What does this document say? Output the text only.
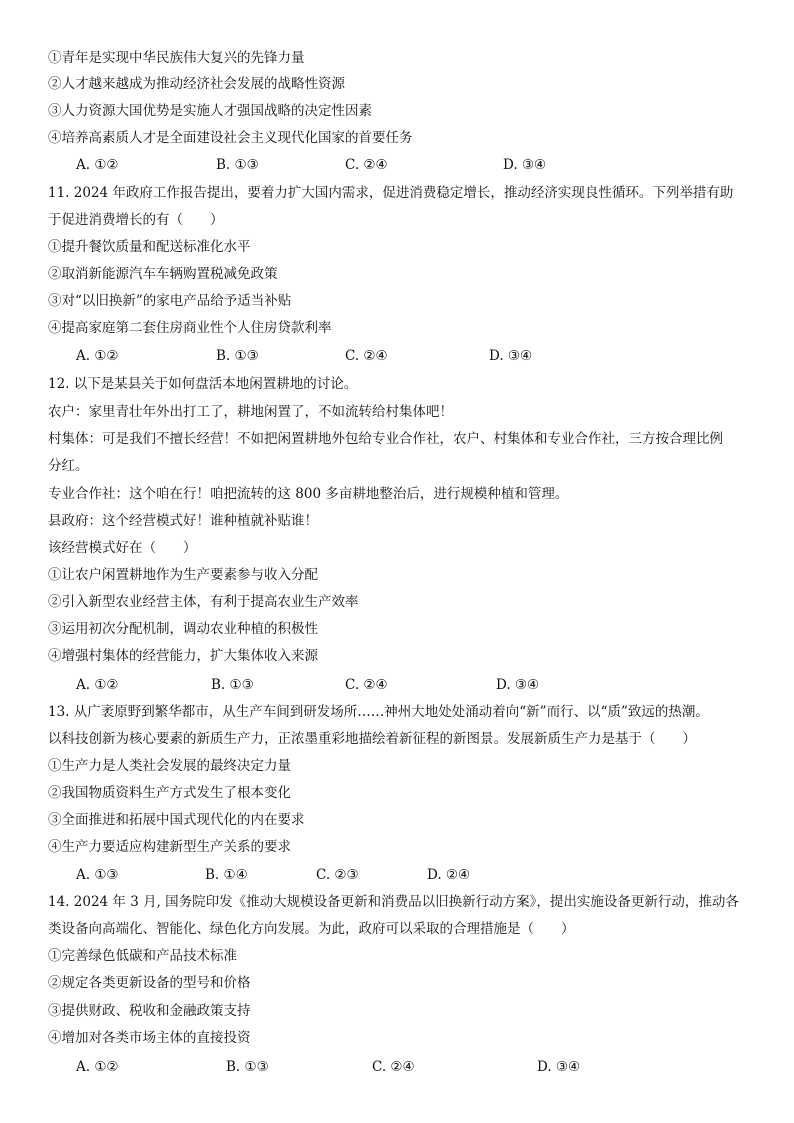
①青年是实现中华民族伟大复兴的先锋力量
②人才越来越成为推动经济社会发展的战略性资源
③人力资源大国优势是实施人才强国战略的决定性因素
④培养高素质人才是全面建设社会主义现代化国家的首要任务
A. ①②	B. ①③	C. ②④	D. ③④
11. 2024 年政府工作报告提出，要着力扩大国内需求，促进消费稳定增长，推动经济实现良性循环。下列举措有助
于促进消费增长的有（　　）
①提升餐饮质量和配送标准化水平
②取消新能源汽车车辆购置税减免政策
③对“以旧换新”的家电产品给予适当补贴
④提高家庭第二套住房商业性个人住房贷款利率
A. ①②	B. ①③	C. ②④	D. ③④
12. 以下是某县关于如何盘活本地闲置耕地的讨论。
农户：家里青壮年外出打工了，耕地闲置了，不如流转给村集体吧！
村集体：可是我们不擅长经营！不如把闲置耕地外包给专业合作社，农户、村集体和专业合作社，三方按合理比例
分红。
专业合作社：这个咱在行！咱把流转的这 800 多亩耕地整治后，进行规模种植和管理。
县政府：这个经营模式好！谁种植就补贴谁！
该经营模式好在（　　）
①让农户闲置耕地作为生产要素参与收入分配
②引入新型农业经营主体，有利于提高农业生产效率
③运用初次分配机制，调动农业种植的积极性
④增强村集体的经营能力，扩大集体收入来源
A. ①②	B. ①③	C. ②④	D. ③④
13. 从广袤原野到繁华都市，从生产车间到研发场所……神州大地处处涌动着向“新”而行、以“质”致远的热潮。
以科技创新为核心要素的新质生产力，正浓墨重彩地描绘着新征程的新图景。发展新质生产力是基于（　　）
①生产力是人类社会发展的最终决定力量
②我国物质资料生产方式发生了根本变化
③全面推进和拓展中国式现代化的内在要求
④生产力要适应构建新型生产关系的要求
A. ①③	B. ①④	C. ②③	D. ②④
14. 2024 年 3 月, 国务院印发《推动大规模设备更新和消费品以旧换新行动方案》，提出实施设备更新行动，推动各
类设备向高端化、智能化、绿色化方向发展。为此，政府可以采取的合理措施是（　　）
①完善绿色低碳和产品技术标准
②规定各类更新设备的型号和价格
③提供财政、税收和金融政策支持
④增加对各类市场主体的直接投资
A. ①②	B. ①③	C. ②④	D. ③④
